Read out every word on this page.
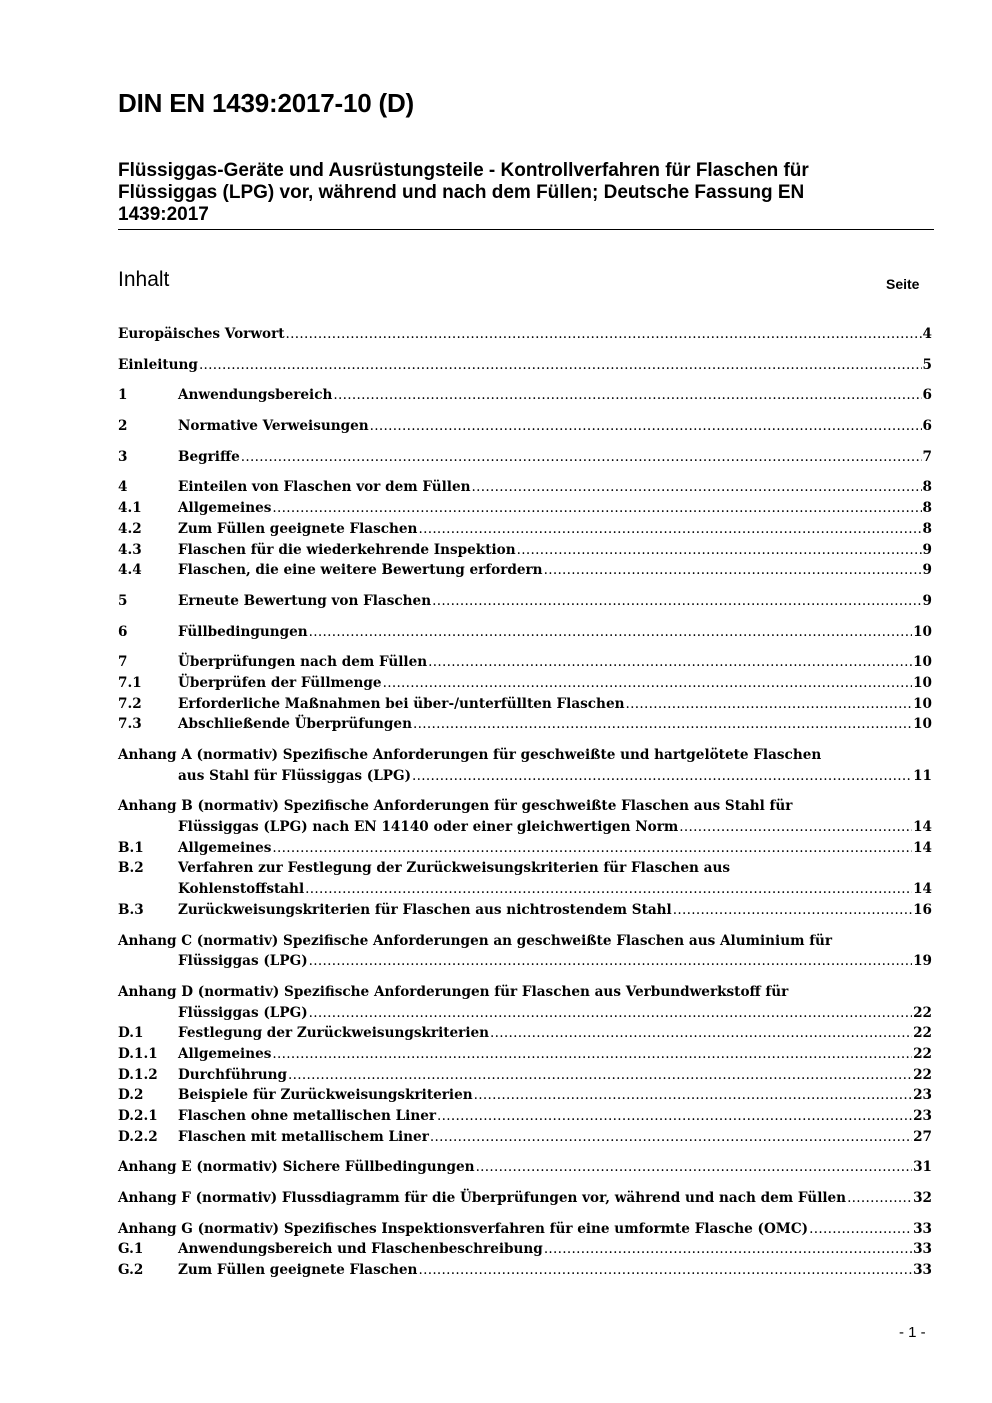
DIN EN 1439:2017-10 (D)
Flüssiggas-Geräte und Ausrüstungsteile - Kontrollverfahren für Flaschen für Flüssiggas (LPG) vor, während und nach dem Füllen; Deutsche Fassung EN 1439:2017
Inhalt	Seite
Europäisches Vorwort .....	4
Einleitung .....	5
1	Anwendungsbereich .....	6
2	Normative Verweisungen .....	6
3	Begriffe .....	7
4	Einteilen von Flaschen vor dem Füllen .....	8
4.1	Allgemeines .....	8
4.2	Zum Füllen geeignete Flaschen .....	8
4.3	Flaschen für die wiederkehrende Inspektion .....	9
4.4	Flaschen, die eine weitere Bewertung erfordern .....	9
5	Erneute Bewertung von Flaschen .....	9
6	Füllbedingungen .....	10
7	Überprüfungen nach dem Füllen .....	10
7.1	Überprüfen der Füllmenge .....	10
7.2	Erforderliche Maßnahmen bei über-/unterfüllten Flaschen .....	10
7.3	Abschließende Überprüfungen .....	10
Anhang A (normativ) Spezifische Anforderungen für geschweißte und hartgelötete Flaschen
aus Stahl für Flüssiggas (LPG) .....	11
Anhang B (normativ) Spezifische Anforderungen für geschweißte Flaschen aus Stahl für
Flüssiggas (LPG) nach EN 14140 oder einer gleichwertigen Norm .....	14
B.1	Allgemeines .....	14
B.2	Verfahren zur Festlegung der Zurückweisungskriterien für Flaschen aus
Kohlenstoffstahl .....	14
B.3	Zurückweisungskriterien für Flaschen aus nichtrostendem Stahl .....	16
Anhang C (normativ) Spezifische Anforderungen an geschweißte Flaschen aus Aluminium für
Flüssiggas (LPG) .....	19
Anhang D (normativ) Spezifische Anforderungen für Flaschen aus Verbundwerkstoff für
Flüssiggas (LPG) .....	22
D.1	Festlegung der Zurückweisungskriterien .....	22
D.1.1 Allgemeines .....	22
D.1.2 Durchführung .....	22
D.2	Beispiele für Zurückweisungskriterien .....	23
D.2.1 Flaschen ohne metallischen Liner .....	23
D.2.2 Flaschen mit metallischem Liner .....	27
Anhang E (normativ) Sichere Füllbedingungen .....	31
Anhang F (normativ) Flussdiagramm für die Überprüfungen vor, während und nach dem Füllen .....	32
Anhang G (normativ) Spezifisches Inspektionsverfahren für eine umformte Flasche (OMC) .....	33
G.1	Anwendungsbereich und Flaschenbeschreibung .....	33
G.2	Zum Füllen geeignete Flaschen .....	33
- 1 -
